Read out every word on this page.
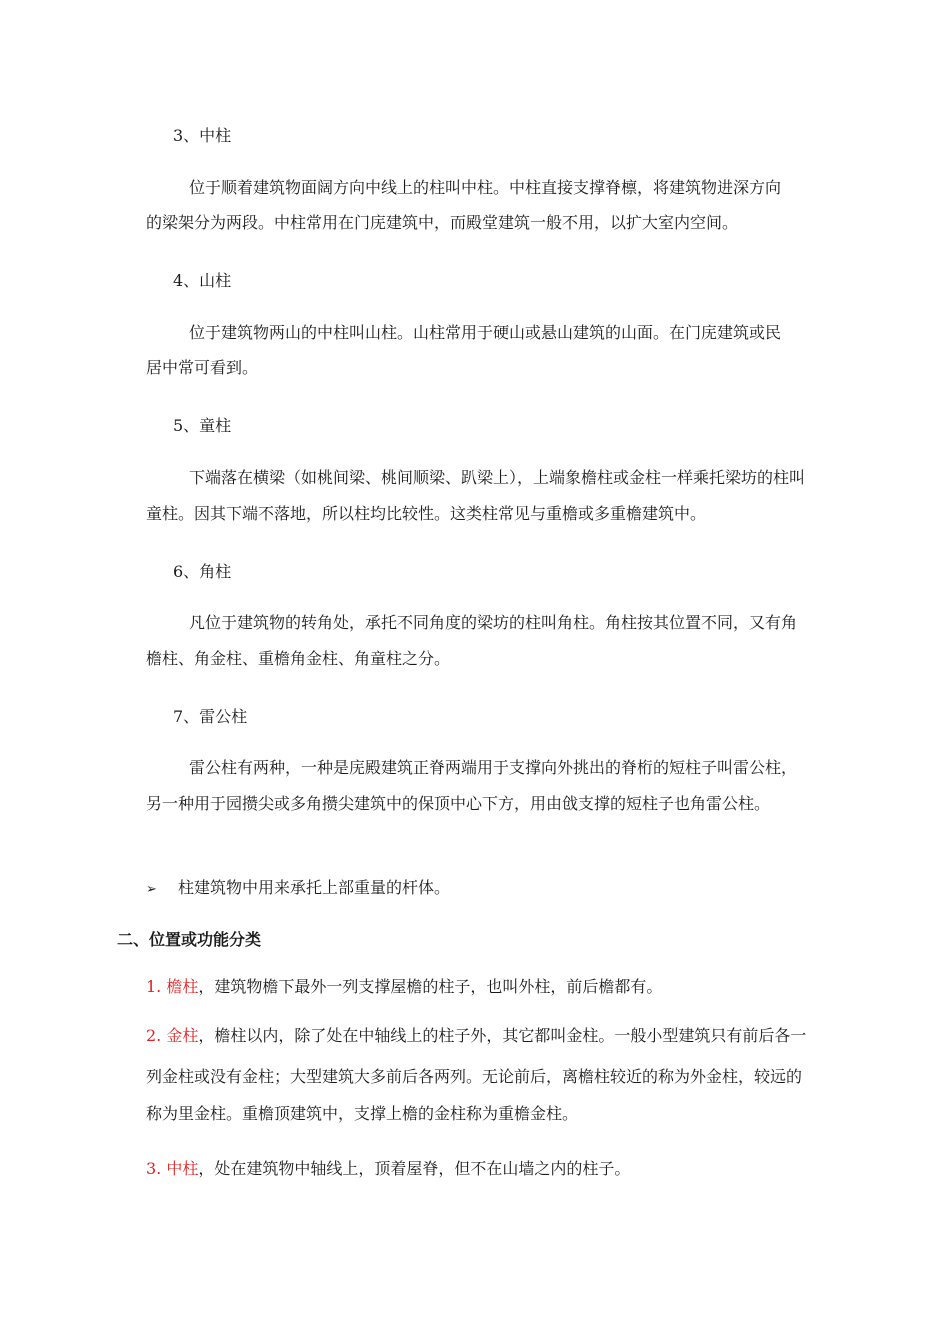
3、中柱
位于顺着建筑物面阔方向中线上的柱叫中柱。中柱直接支撑脊檩，将建筑物进深方向
的梁架分为两段。中柱常用在门庑建筑中，而殿堂建筑一般不用，以扩大室内空间。
4、山柱
位于建筑物两山的中柱叫山柱。山柱常用于硬山或悬山建筑的山面。在门庑建筑或民
居中常可看到。
5、童柱
下端落在横梁（如桃间梁、桃间顺梁、趴梁上），上端象檐柱或金柱一样乘托梁坊的柱叫
童柱。因其下端不落地，所以柱均比较性。这类柱常见与重檐或多重檐建筑中。
6、角柱
凡位于建筑物的转角处，承托不同角度的梁坊的柱叫角柱。角柱按其位置不同，又有角
檐柱、角金柱、重檐角金柱、角童柱之分。
7、雷公柱
雷公柱有两种，一种是庑殿建筑正脊两端用于支撑向外挑出的脊桁的短柱子叫雷公柱，
另一种用于园攒尖或多角攒尖建筑中的保顶中心下方，用由戗支撑的短柱子也角雷公柱。
➢ 柱建筑物中用来承托上部重量的杆体。
二、位置或功能分类
1. 檐柱，建筑物檐下最外一列支撑屋檐的柱子，也叫外柱，前后檐都有。
2. 金柱，檐柱以内，除了处在中轴线上的柱子外，其它都叫金柱。一般小型建筑只有前后各一
列金柱或没有金柱；大型建筑大多前后各两列。无论前后，离檐柱较近的称为外金柱，较远的
称为里金柱。重檐顶建筑中，支撑上檐的金柱称为重檐金柱。
3. 中柱，处在建筑物中轴线上，顶着屋脊，但不在山墙之内的柱子。
